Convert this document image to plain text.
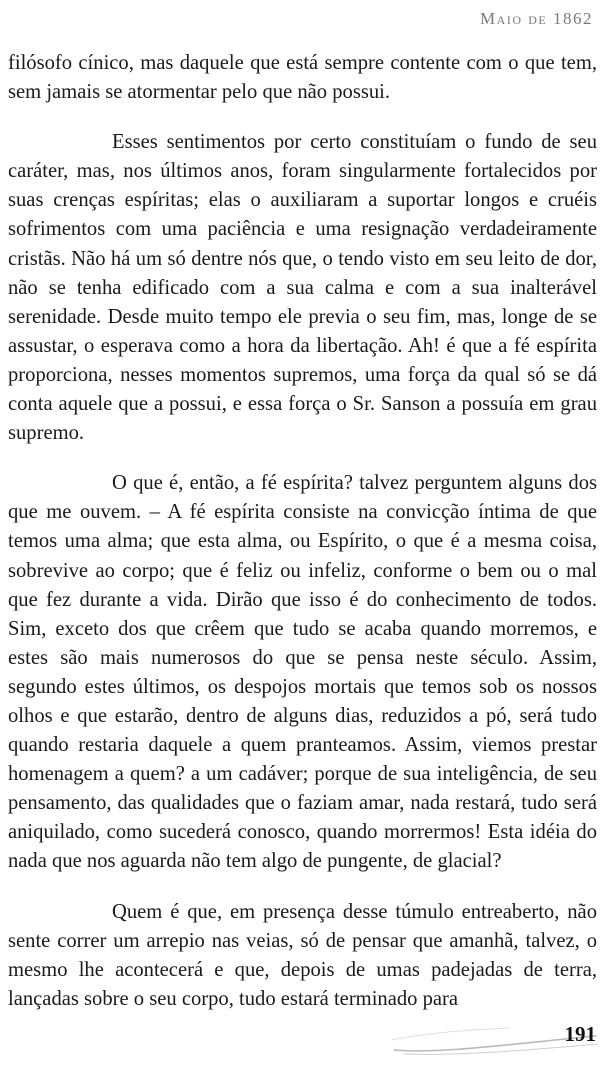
Maio de 1862

filósofo cínico, mas daquele que está sempre contente com o que tem, sem jamais se atormentar pelo que não possui.

Esses sentimentos por certo constituíam o fundo de seu caráter, mas, nos últimos anos, foram singularmente fortalecidos por suas crenças espíritas; elas o auxiliaram a suportar longos e cruéis sofrimentos com uma paciência e uma resignação verdadeiramente cristãs. Não há um só dentre nós que, o tendo visto em seu leito de dor, não se tenha edificado com a sua calma e com a sua inalterável serenidade. Desde muito tempo ele previa o seu fim, mas, longe de se assustar, o esperava como a hora da libertação. Ah! é que a fé espírita proporciona, nesses momentos supremos, uma força da qual só se dá conta aquele que a possui, e essa força o Sr. Sanson a possuía em grau supremo.

O que é, então, a fé espírita? talvez perguntem alguns dos que me ouvem. – A fé espírita consiste na convicção íntima de que temos uma alma; que esta alma, ou Espírito, o que é a mesma coisa, sobrevive ao corpo; que é feliz ou infeliz, conforme o bem ou o mal que fez durante a vida. Dirão que isso é do conhecimento de todos. Sim, exceto dos que crêem que tudo se acaba quando morremos, e estes são mais numerosos do que se pensa neste século. Assim, segundo estes últimos, os despojos mortais que temos sob os nossos olhos e que estarão, dentro de alguns dias, reduzidos a pó, será tudo quando restaria daquele a quem pranteamos. Assim, viemos prestar homenagem a quem? a um cadáver; porque de sua inteligência, de seu pensamento, das qualidades que o faziam amar, nada restará, tudo será aniquilado, como sucederá conosco, quando morrermos! Esta idéia do nada que nos aguarda não tem algo de pungente, de glacial?

Quem é que, em presença desse túmulo entreaberto, não sente correr um arrepio nas veias, só de pensar que amanhã, talvez, o mesmo lhe acontecerá e que, depois de umas padejadas de terra, lançadas sobre o seu corpo, tudo estará terminado para

191
